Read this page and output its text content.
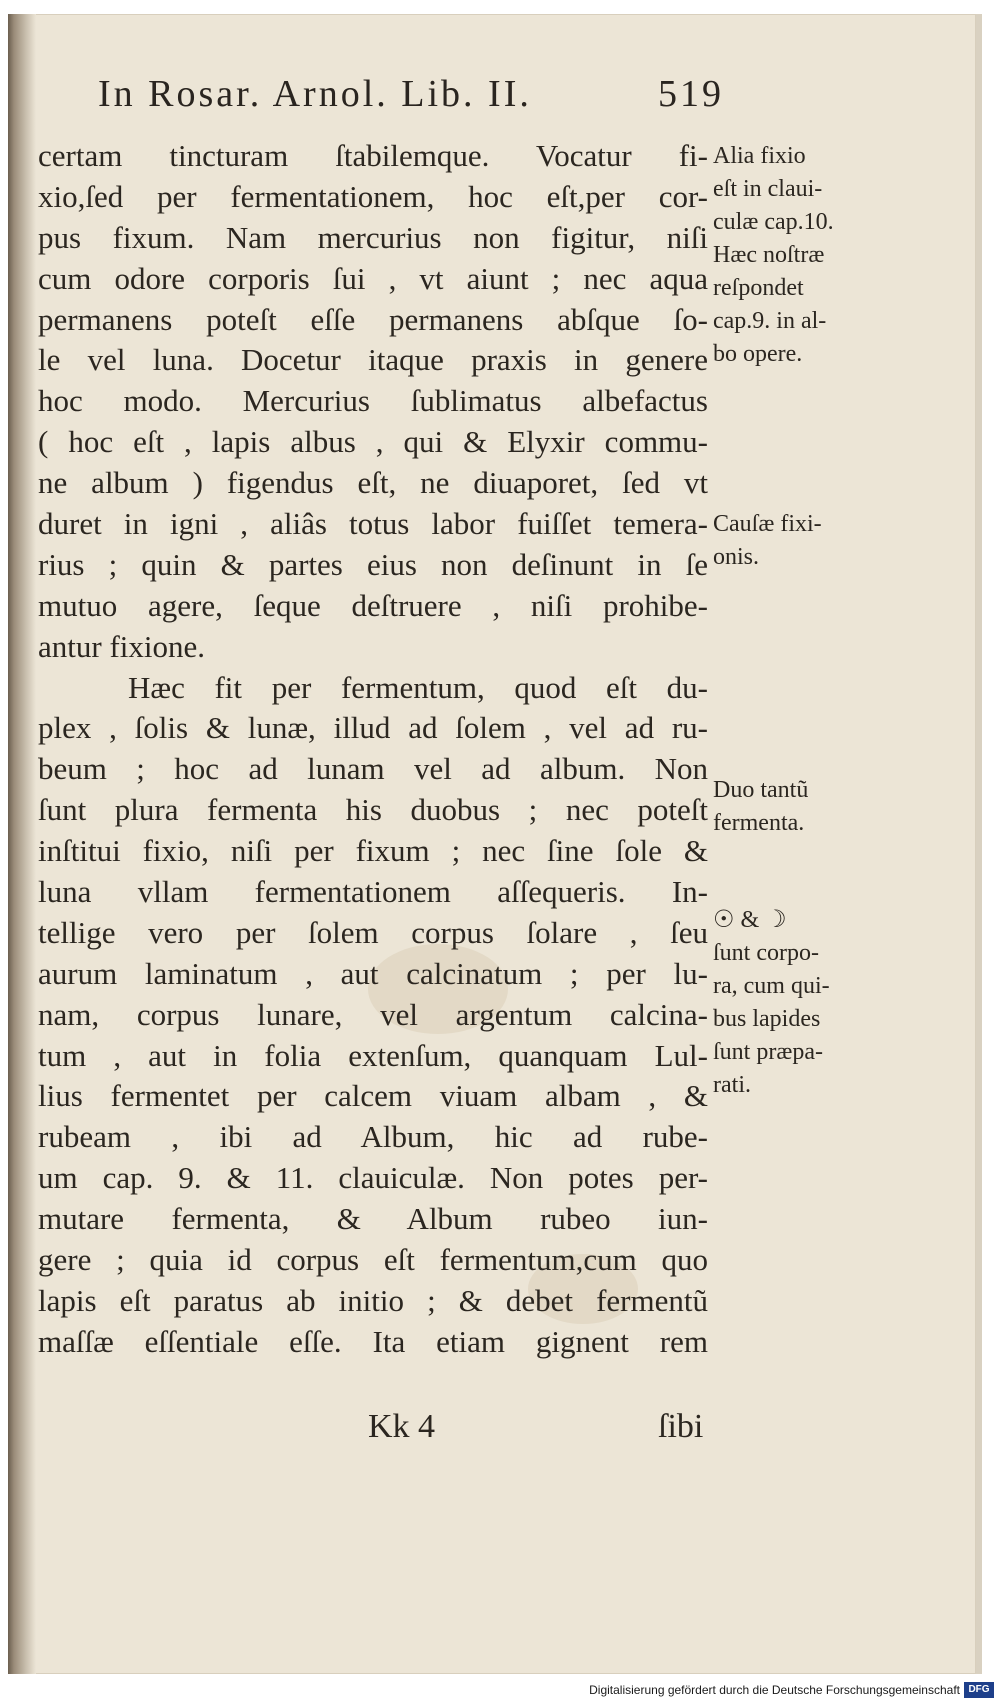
In Rosar. Arnol. Lib. II.	519
certam tincturam ſtabilemque. Vocatur fi-
xio,ſed per fermentationem, hoc eſt,per cor-
pus fixum. Nam mercurius non figitur, niſi
cum odore corporis ſui , vt aiunt ; nec aqua
permanens poteſt eſſe permanens abſque ſo-
le vel luna. Docetur itaque praxis in genere
hoc modo. Mercurius ſublimatus albefactus
( hoc eſt , lapis albus , qui & Elyxir commu-
ne album ) figendus eſt, ne diuaporet, ſed vt
duret in igni , aliâs totus labor fuiſſet temera-
rius ; quin & partes eius non deſinunt in ſe
mutuo agere, ſeque deſtruere , niſi prohibe-
antur fixione.
Hæc fit per fermentum, quod eſt du-
plex , ſolis & lunæ, illud ad ſolem , vel ad ru-
beum ; hoc ad lunam vel ad album. Non
ſunt plura fermenta his duobus ; nec poteſt
inſtitui fixio, niſi per fixum ; nec ſine ſole &
luna vllam fermentationem aſſequeris. In-
tellige vero per ſolem corpus ſolare , ſeu
aurum laminatum , aut calcinatum ; per lu-
nam, corpus lunare, vel argentum calcina-
tum , aut in folia extenſum, quanquam Lul-
lius fermentet per calcem viuam albam , &
rubeam , ibi ad Album, hic ad rube-
um cap. 9. & 11. clauiculæ. Non potes per-
mutare fermenta, & Album rubeo iun-
gere ; quia id corpus eſt fermentum,cum quo
lapis eſt paratus ab initio ; & debet fermentũ
maſſæ eſſentiale eſſe. Ita etiam gignent rem
Alia fixio
eſt in claui-
culæ cap.10.
Hæc noſtræ
reſpondet
cap.9. in al-
bo opere.
Cauſæ fixi-
onis.
Duo tantũ
fermenta.
☉ & ☽
ſunt corpo-
ra, cum qui-
bus lapides
ſunt præpa-
rati.
Kk 4	ſibi
Digitalisierung gefördert durch die Deutsche Forschungsgemeinschaft DFG
